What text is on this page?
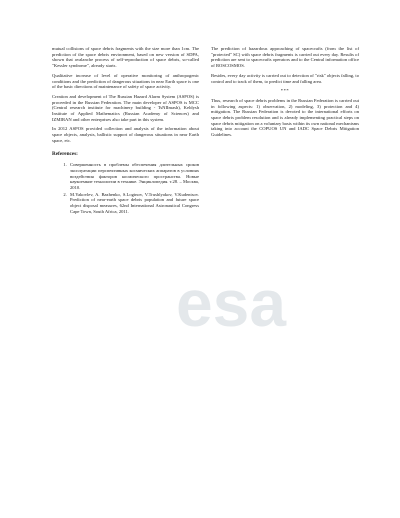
esa

mutual collisions of space debris fragments with the size more than 1cm. The prediction of the space debris environment, based on new version of SDPA, shown that avalanche process of self-reproduction of space debris, so-called "Kessler syndrome", already starts.

Qualitative increase of level of operative monitoring of anthropogenic conditions and the prediction of dangerous situations in near Earth space is one of the basic directions of maintenance of safety of space activity.

Creation and development of The Russian Hazard Alarm System (ASPOS) is proceeded in the Russian Federation. The main developer of ASPOS is MCC (Central research institute for machinery building - TsNIImash), Keldysh Institute of Applied Mathematics (Russian Academy of Sciences) and IZMIRAN and other enterprises also take part in this system.

In 2012 ASPOS provided collection and analysis of the information about space objects, analysis, ballistic support of dangerous situations in near Earth space, etc.

References:
1. Совершенность в проблемы обеспечения длительных сроков эксплуатации перспективных космических аппаратов в условиях воздействия факторов космического пространства. Новые наукоемкие технологии в технике. Энциклопедия. т.28. – Москва, 2010.
2. M.Yakovlev, A. Bazhenko, S.Loginov, V.Trushlyakov, V.Kudentsov. Prediction of near-earth space debris population and future space object disposal measures, 62nd International Astronautical Congress Cape Town, South Africa, 2011.

The prediction of hazardous approaching of spacecrafts (from the list of "protected" SC) with space debris fragments is carried out every day. Results of prediction are sent to spacecrafts operators and to the Central information office of ROSCOSMOS.

Besides, every day activity is carried out to detection of "risk" objects falling, to control and to track of them, to predict time and falling area.

***

Thus, research of space debris problems in the Russian Federation is carried out in following aspects: 1) observation, 2) modeling, 3) protection and 4) mitigation. The Russian Federation is devoted to the international efforts on space debris problem resolution and is already implementing practical steps on space debris mitigation on a voluntary basis within its own national mechanisms taking into account the COPUOS UN and IADC Space Debris Mitigation Guidelines.
